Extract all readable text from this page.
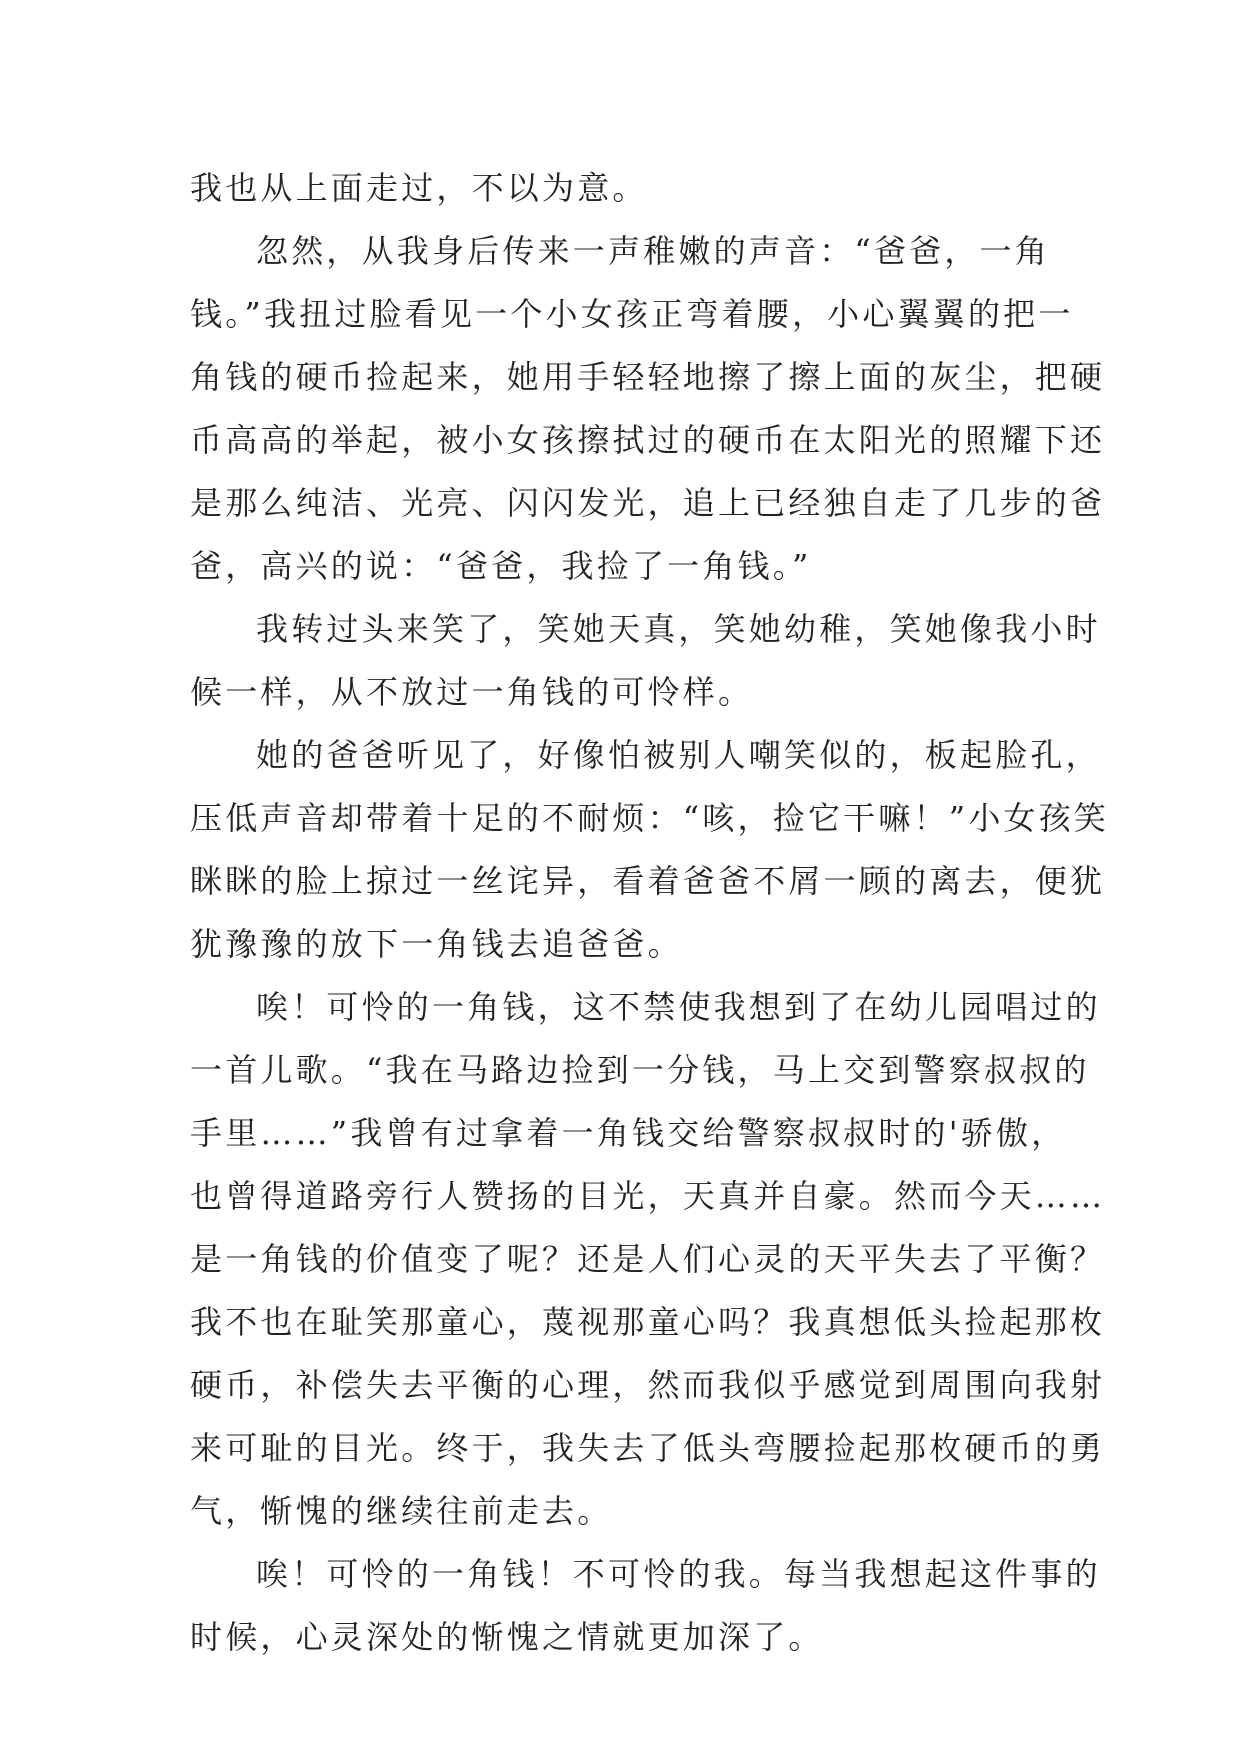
我也从上面走过，不以为意。
忽然，从我身后传来一声稚嫩的声音：“爸爸，一角
钱。”我扭过脸看见一个小女孩正弯着腰，小心翼翼的把一
角钱的硬币捡起来，她用手轻轻地擦了擦上面的灰尘，把硬
币高高的举起，被小女孩擦拭过的硬币在太阳光的照耀下还
是那么纯洁、光亮、闪闪发光，追上已经独自走了几步的爸
爸，高兴的说：“爸爸，我捡了一角钱。”
我转过头来笑了，笑她天真，笑她幼稚，笑她像我小时
候一样，从不放过一角钱的可怜样。
她的爸爸听见了，好像怕被别人嘲笑似的，板起脸孔，
压低声音却带着十足的不耐烦：“咳，捡它干嘛！”小女孩笑
眯眯的脸上掠过一丝诧异，看着爸爸不屑一顾的离去，便犹
犹豫豫的放下一角钱去追爸爸。
唉！可怜的一角钱，这不禁使我想到了在幼儿园唱过的
一首儿歌。“我在马路边捡到一分钱，马上交到警察叔叔的
手里……”我曾有过拿着一角钱交给警察叔叔时的'骄傲，
也曾得道路旁行人赞扬的目光，天真并自豪。然而今天……
是一角钱的价值变了呢？还是人们心灵的天平失去了平衡？
我不也在耻笑那童心，蔑视那童心吗？我真想低头捡起那枚
硬币，补偿失去平衡的心理，然而我似乎感觉到周围向我射
来可耻的目光。终于，我失去了低头弯腰捡起那枚硬币的勇
气，惭愧的继续往前走去。
唉！可怜的一角钱！不可怜的我。每当我想起这件事的
时候，心灵深处的惭愧之情就更加深了。
